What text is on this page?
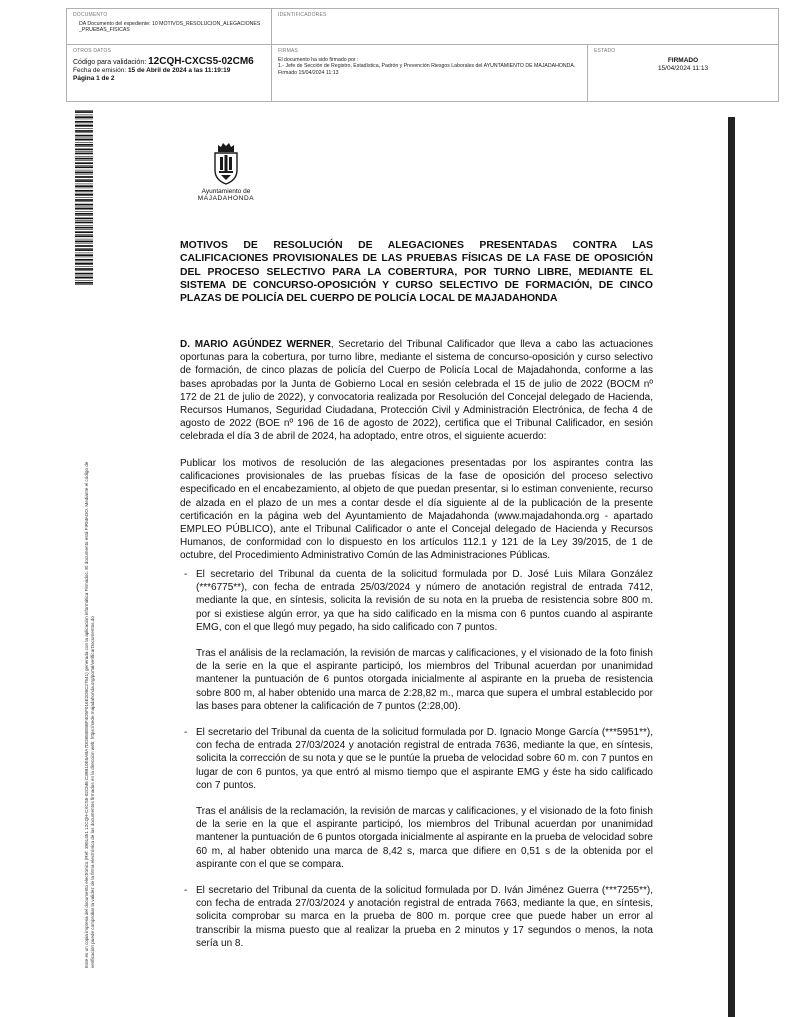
DOCUMENTO
DA Documento del expediente: 10 MOTIVOS_RESOLUCION_ALEGACIONES _PRUEBAS_FISICAS
IDENTIFICADORES
OTROS DATOS
Código para validación: 12CQH-CXCS5-02CM6
Fecha de emisión: 15 de Abril de 2024 a las 11:19:19
Página 1 de 2
FIRMAS
El documento ha sido firmado por :
1.- Jefe de Sección de Registro, Estadística, Padrón y Prevención Riesgos Laborales del AYUNTAMIENTO DE MAJADAHONDA. Firmado 15/04/2024 11:13
ESTADO
FIRMADO
15/04/2024 11:13
Este es un copia impresa del documento electrónico (Ref: 3951451 12CQH-CXCS5-02CM6 C39B10E5ABA7DD850E8BF4D5F016E2D8C27541) generada con la aplicación informática Firmadoc. El documento está FIRMADO. Mediante el código de verificación puede comprobar la validez de la firma electrónica de los documentos firmados en la dirección web: https://sede.majadahonda.org/portal/verificarDocumentos.do
Ayuntamiento de
MAJADAHONDA
MOTIVOS DE RESOLUCIÓN DE ALEGACIONES PRESENTADAS CONTRA LAS CALIFICACIONES PROVISIONALES DE LAS PRUEBAS FÍSICAS DE LA FASE DE OPOSICIÓN DEL PROCESO SELECTIVO PARA LA COBERTURA, POR TURNO LIBRE, MEDIANTE EL SISTEMA DE CONCURSO-OPOSICIÓN Y CURSO SELECTIVO DE FORMACIÓN, DE CINCO PLAZAS DE POLICÍA DEL CUERPO DE POLICÍA LOCAL DE MAJADAHONDA
D. MARIO AGÚNDEZ WERNER, Secretario del Tribunal Calificador que lleva a cabo las actuaciones oportunas para la cobertura, por turno libre, mediante el sistema de concurso-oposición y curso selectivo de formación, de cinco plazas de policía del Cuerpo de Policía Local de Majadahonda, conforme a las bases aprobadas por la Junta de Gobierno Local en sesión celebrada el 15 de julio de 2022 (BOCM nº 172 de 21 de julio de 2022), y convocatoria realizada por Resolución del Concejal delegado de Hacienda, Recursos Humanos, Seguridad Ciudadana, Protección Civil y Administración Electrónica, de fecha 4 de agosto de 2022 (BOE nº 196 de 16 de agosto de 2022), certifica que el Tribunal Calificador, en sesión celebrada el día 3 de abril de 2024, ha adoptado, entre otros, el siguiente acuerdo:
Publicar los motivos de resolución de las alegaciones presentadas por los aspirantes contra las calificaciones provisionales de las pruebas físicas de la fase de oposición del proceso selectivo especificado en el encabezamiento, al objeto de que puedan presentar, si lo estiman conveniente, recurso de alzada en el plazo de un mes a contar desde el día siguiente al de la publicación de la presente certificación en la página web del Ayuntamiento de Majadahonda (www.majadahonda.org - apartado EMPLEO PÚBLICO), ante el Tribunal Calificador o ante el Concejal delegado de Hacienda y Recursos Humanos, de conformidad con lo dispuesto en los artículos 112.1 y 121 de la Ley 39/2015, de 1 de octubre, del Procedimiento Administrativo Común de las Administraciones Públicas.
- El secretario del Tribunal da cuenta de la solicitud formulada por D. José Luis Milara González (***6775**), con fecha de entrada 25/03/2024 y número de anotación registral de entrada 7412, mediante la que, en síntesis, solicita la revisión de su nota en la prueba de resistencia sobre 800 m. por si existiese algún error, ya que ha sido calificado en la misma con 6 puntos cuando al aspirante EMG, con el que llegó muy pegado, ha sido calificado con 7 puntos.
Tras el análisis de la reclamación, la revisión de marcas y calificaciones, y el visionado de la foto finish de la serie en la que el aspirante participó, los miembros del Tribunal acuerdan por unanimidad mantener la puntuación de 6 puntos otorgada inicialmente al aspirante en la prueba de resistencia sobre 800 m, al haber obtenido una marca de 2:28,82 m., marca que supera el umbral establecido por las bases para obtener la calificación de 7 puntos (2:28,00).
- El secretario del Tribunal da cuenta de la solicitud formulada por D. Ignacio Monge García (***5951**), con fecha de entrada 27/03/2024 y anotación registral de entrada 7636, mediante la que, en síntesis, solicita la corrección de su nota y que se le puntúe la prueba de velocidad sobre 60 m. con 7 puntos en lugar de con 6 puntos, ya que entró al mismo tiempo que el aspirante EMG y éste ha sido calificado con 7 puntos.
Tras el análisis de la reclamación, la revisión de marcas y calificaciones, y el visionado de la foto finish de la serie en la que el aspirante participó, los miembros del Tribunal acuerdan por unanimidad mantener la puntuación de 6 puntos otorgada inicialmente al aspirante en la prueba de velocidad sobre 60 m, al haber obtenido una marca de 8,42 s, marca que difiere en 0,51 s de la obtenida por el aspirante con el que se compara.
- El secretario del Tribunal da cuenta de la solicitud formulada por D. Iván Jiménez Guerra (***7255**), con fecha de entrada 27/03/2024 y anotación registral de entrada 7663, mediante la que, en síntesis, solicita comprobar su marca en la prueba de 800 m. porque cree que puede haber un error al transcribir la misma puesto que al realizar la prueba en 2 minutos y 17 segundos o menos, la nota sería un 8.
